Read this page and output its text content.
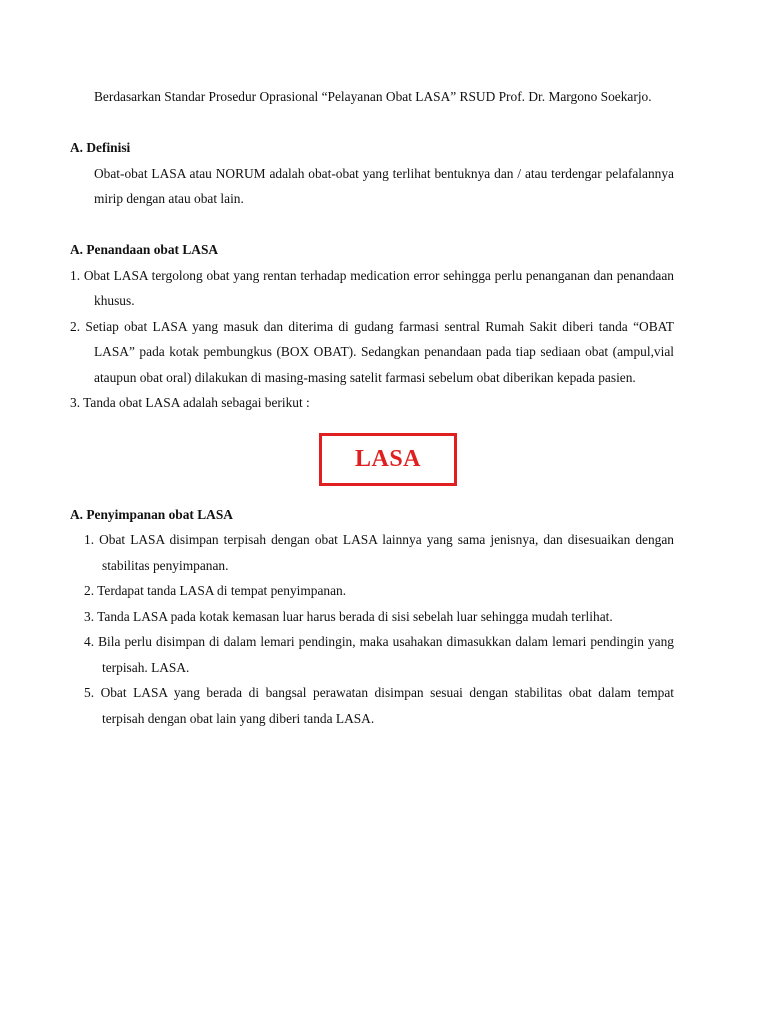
Berdasarkan Standar Prosedur Oprasional “Pelayanan Obat LASA” RSUD Prof. Dr. Margono Soekarjo.

A. Definisi

Obat-obat LASA atau NORUM adalah obat-obat yang terlihat bentuknya dan / atau terdengar pelafalannya mirip dengan atau obat lain.

A. Penandaan obat LASA

1. Obat LASA tergolong obat yang rentan terhadap medication error sehingga perlu penanganan dan penandaan khusus.

2. Setiap obat LASA yang masuk dan diterima di gudang farmasi sentral Rumah Sakit diberi tanda “OBAT LASA” pada kotak pembungkus (BOX OBAT). Sedangkan penandaan pada tiap sediaan obat (ampul,vial ataupun obat oral) dilakukan di masing-masing satelit farmasi sebelum obat diberikan kepada pasien.

3. Tanda obat LASA adalah sebagai berikut :

LASA

A. Penyimpanan obat LASA

1. Obat LASA disimpan terpisah dengan obat LASA lainnya yang sama jenisnya, dan disesuaikan dengan stabilitas penyimpanan.

2. Terdapat tanda LASA di tempat penyimpanan.

3. Tanda LASA pada kotak kemasan luar harus berada di sisi sebelah luar sehingga mudah terlihat.

4. Bila perlu disimpan di dalam lemari pendingin, maka usahakan dimasukkan dalam lemari pendingin yang terpisah. LASA.

5. Obat LASA yang berada di bangsal perawatan disimpan sesuai dengan stabilitas obat dalam tempat terpisah dengan obat lain yang diberi tanda LASA.
